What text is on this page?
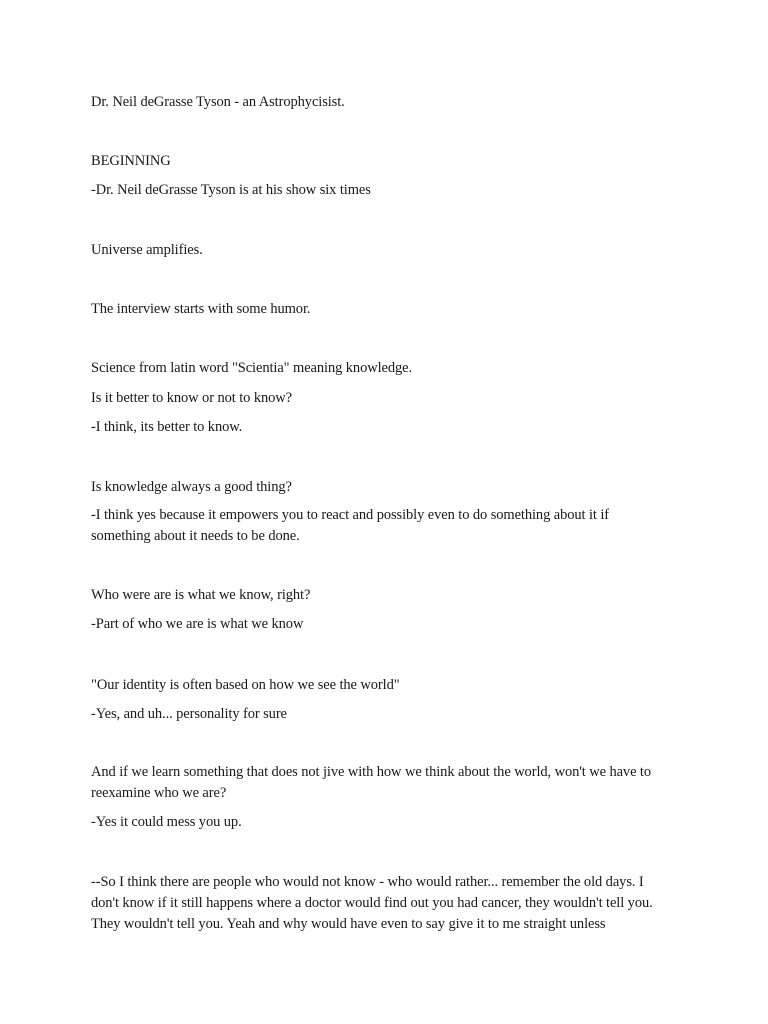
Dr. Neil deGrasse Tyson - an Astrophycisist.
BEGINNING
-Dr. Neil deGrasse Tyson is at his show six times
Universe amplifies.
The interview starts with some humor.
Science from latin word "Scientia" meaning knowledge.
Is it better to know or not to know?
-I think, its better to know.
Is knowledge always a good thing?
-I think yes because it empowers you to react and possibly even to do something about it if something about it needs to be done.
Who were are is what we know, right?
-Part of who we are is what we know
"Our identity is often based on how we see the world"
-Yes, and uh... personality for sure
And if we learn something that does not jive with how we think about the world, won't we have to reexamine who we are?
-Yes it could mess you up.
--So I think there are people who would not know - who would rather... remember the old days. I don't know if it still happens where a doctor would find out you had cancer, they wouldn't tell you. They wouldn't tell you. Yeah and why would have even to say give it to me straight unless
